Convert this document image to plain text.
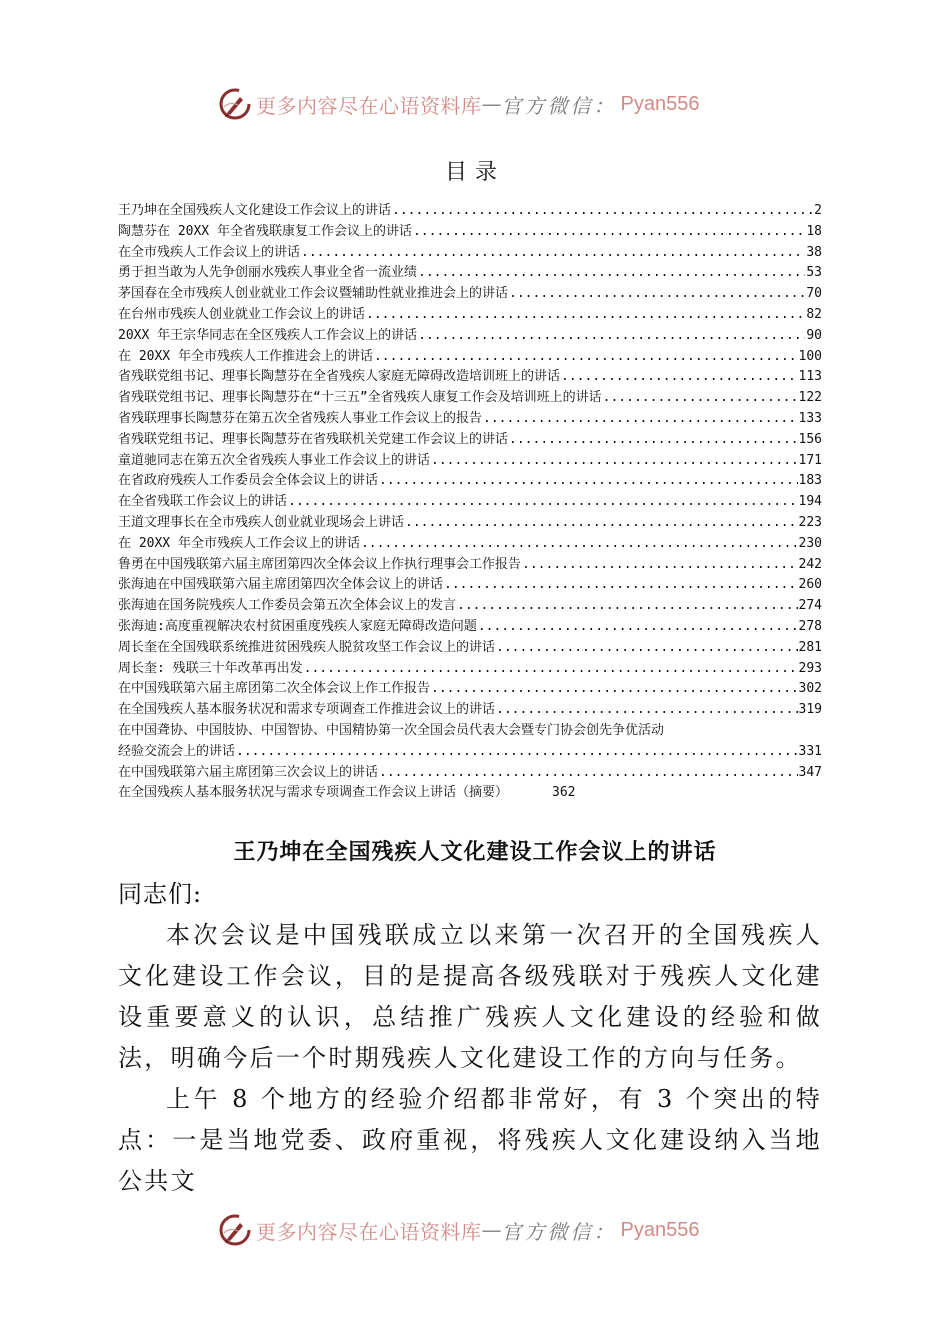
更多内容尽在心语资料库 — 官方微信： Pyan556
目录
王乃坤在全国残疾人文化建设工作会议上的讲话 .....	2
陶慧芬在 20XX 年全省残联康复工作会议上的讲话 .....	18
在全市残疾人工作会议上的讲话 .....	38
勇于担当敢为人先争创丽水残疾人事业全省一流业绩 .....	53
茅国春在全市残疾人创业就业工作会议暨辅助性就业推进会上的讲话 .....	70
在台州市残疾人创业就业工作会议上的讲话 .....	82
20XX 年王宗华同志在全区残疾人工作会议上的讲话 .....	90
在 20XX 年全市残疾人工作推进会上的讲话 .....	100
省残联党组书记、理事长陶慧芬在全省残疾人家庭无障碍改造培训班上的讲话 .....	113
省残联党组书记、理事长陶慧芬在“十三五”全省残疾人康复工作会及培训班上的讲话 .....	122
省残联理事长陶慧芬在第五次全省残疾人事业工作会议上的报告 .....	133
省残联党组书记、理事长陶慧芬在省残联机关党建工作会议上的讲话 .....	156
童道驰同志在第五次全省残疾人事业工作会议上的讲话 .....	171
在省政府残疾人工作委员会全体会议上的讲话 .....	183
在全省残联工作会议上的讲话 .....	194
王道文理事长在全市残疾人创业就业现场会上讲话 .....	223
在 20XX 年全市残疾人工作会议上的讲话 .....	230
鲁勇在中国残联第六届主席团第四次全体会议上作执行理事会工作报告 .....	242
张海迪在中国残联第六届主席团第四次全体会议上的讲话 .....	260
张海迪在国务院残疾人工作委员会第五次全体会议上的发言 .....	274
张海迪:高度重视解决农村贫困重度残疾人家庭无障碍改造问题 .....	278
周长奎在全国残联系统推进贫困残疾人脱贫攻坚工作会议上的讲话 .....	281
周长奎: 残联三十年改革再出发 .....	293
在中国残联第六届主席团第二次全体会议上作工作报告 .....	302
在全国残疾人基本服务状况和需求专项调查工作推进会议上的讲话 .....	319
在中国聋协、中国肢协、中国智协、中国精协第一次全国会员代表大会暨专门协会创先争优活动
经验交流会上的讲话 .....	331
在中国残联第六届主席团第三次会议上的讲话 .....	347
在全国残疾人基本服务状况与需求专项调查工作会议上讲话（摘要）	362
王乃坤在全国残疾人文化建设工作会议上的讲话

同志们:

本次会议是中国残联成立以来第一次召开的全国残疾人文化建设工作会议，目的是提高各级残联对于残疾人文化建设重要意义的认识，总结推广残疾人文化建设的经验和做法，明确今后一个时期残疾人文化建设工作的方向与任务。

上午 8 个地方的经验介绍都非常好，有 3 个突出的特点：一是当地党委、政府重视，将残疾人文化建设纳入当地公共文

更多内容尽在心语资料库 — 官方微信： Pyan556
